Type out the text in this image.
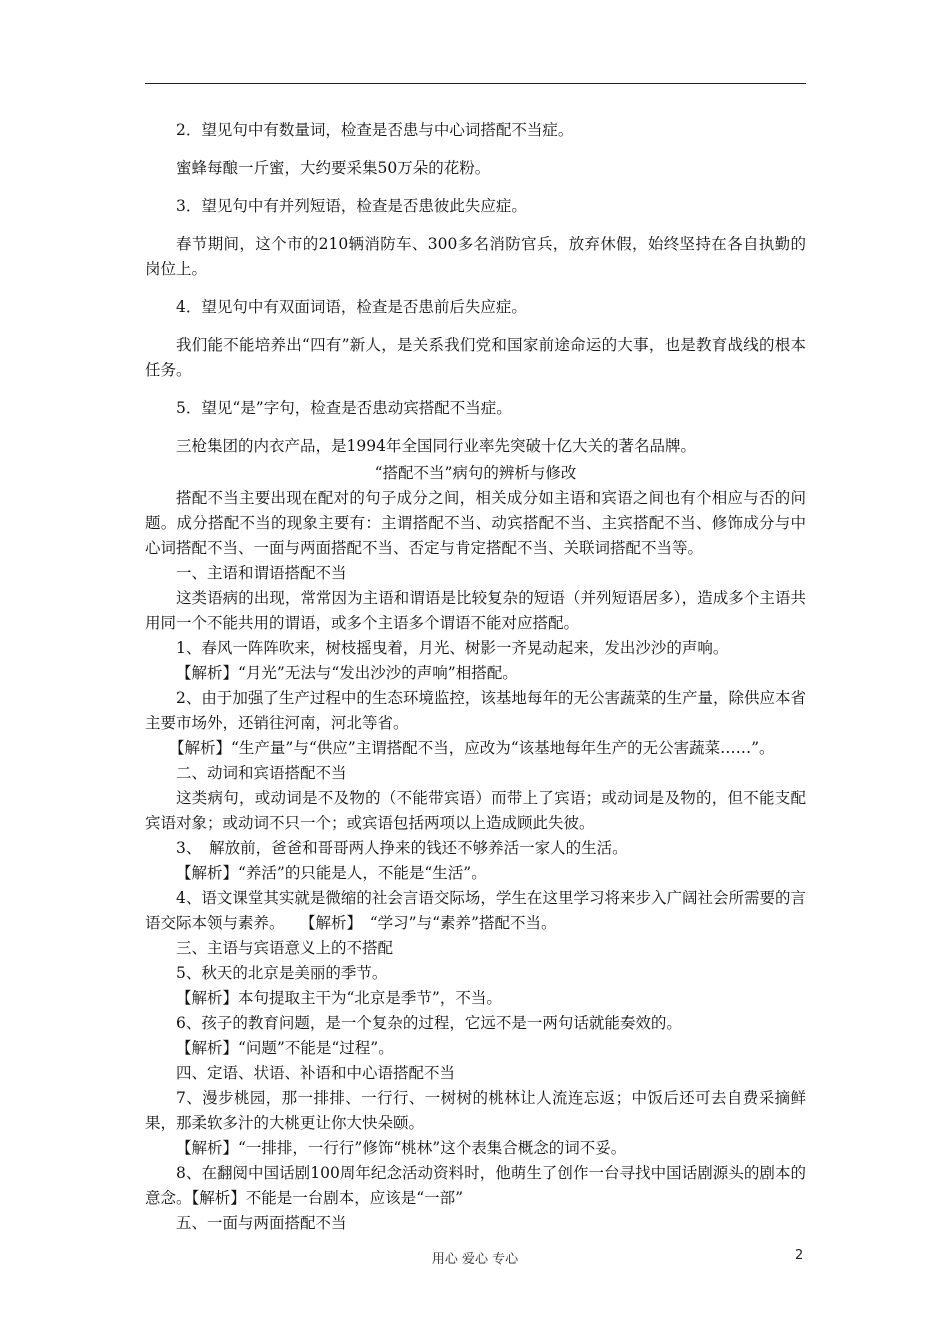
2．望见句中有数量词，检查是否患与中心词搭配不当症。

蜜蜂每酿一斤蜜，大约要采集50万朵的花粉。

3．望见句中有并列短语，检查是否患彼此失应症。

春节期间，这个市的210辆消防车、300多名消防官兵，放弃休假，始终坚持在各自执勤的岗位上。

4．望见句中有双面词语，检查是否患前后失应症。

我们能不能培养出“四有”新人，是关系我们党和国家前途命运的大事，也是教育战线的根本任务。

5．望见“是”字句，检查是否患动宾搭配不当症。

三枪集团的内衣产品，是1994年全国同行业率先突破十亿大关的著名品牌。

“搭配不当”病句的辨析与修改

搭配不当主要出现在配对的句子成分之间，相关成分如主语和宾语之间也有个相应与否的问题。成分搭配不当的现象主要有：主谓搭配不当、动宾搭配不当、主宾搭配不当、修饰成分与中心词搭配不当、一面与两面搭配不当、否定与肯定搭配不当、关联词搭配不当等。

一、主语和谓语搭配不当

这类语病的出现，常常因为主语和谓语是比较复杂的短语（并列短语居多），造成多个主语共用同一个不能共用的谓语，或多个主语多个谓语不能对应搭配。

1、春风一阵阵吹来，树枝摇曳着，月光、树影一齐晃动起来，发出沙沙的声响。

【解析】“月光”无法与“发出沙沙的声响”相搭配。

2、由于加强了生产过程中的生态环境监控，该基地每年的无公害蔬菜的生产量，除供应本省主要市场外，还销往河南，河北等省。

【解析】“生产量”与“供应”主谓搭配不当，应改为“该基地每年生产的无公害蔬菜……”。

二、动词和宾语搭配不当

这类病句，或动词是不及物的（不能带宾语）而带上了宾语；或动词是及物的，但不能支配宾语对象；或动词不只一个；或宾语包括两项以上造成顾此失彼。

3、　解放前，爸爸和哥哥两人挣来的钱还不够养活一家人的生活。

【解析】“养活”的只能是人，不能是“生活”。

4、语文课堂其实就是微缩的社会言语交际场，学生在这里学习将来步入广阔社会所需要的言语交际本领与素养。　　【解析】　“学习”与“素养”搭配不当。

三、主语与宾语意义上的不搭配

5、秋天的北京是美丽的季节。

【解析】本句提取主干为“北京是季节”，不当。

6、孩子的教育问题，是一个复杂的过程，它远不是一两句话就能奏效的。

【解析】“问题”不能是“过程”。

四、定语、状语、补语和中心语搭配不当

7、漫步桃园，那一排排、一行行、一树树的桃林让人流连忘返；中饭后还可去自费采摘鲜果，那柔软多汁的大桃更让你大快朵颐。

【解析】“一排排，一行行”修饰“桃林”这个表集合概念的词不妥。

8、在翻阅中国话剧100周年纪念活动资料时，他萌生了创作一台寻找中国话剧源头的剧本的意念。【解析】不能是一台剧本，应该是“一部”

五、一面与两面搭配不当

用心 爱心 专心	2
